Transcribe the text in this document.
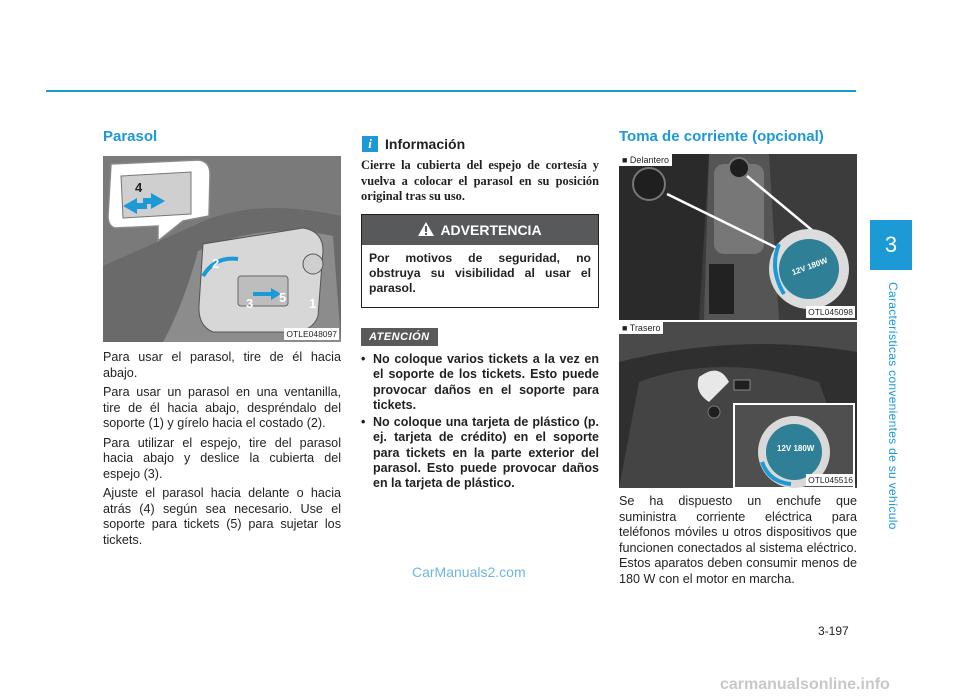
Parasol
4
2
3 5 1
OTLE048097

Para usar el parasol, tire de él hacia abajo.

Para usar un parasol en una ventanilla, tire de él hacia abajo, despréndalo del soporte (1) y gírelo hacia el costado (2).

Para utilizar el espejo, tire del parasol hacia abajo y deslice la cubierta del espejo (3).

Ajuste el parasol hacia delante o hacia atrás (4) según sea necesario. Use el soporte para tickets (5) para sujetar los tickets.

i Información

Cierre la cubierta del espejo de cortesía y vuelva a colocar el parasol en su posición original tras su uso.

ADVERTENCIA
Por motivos de seguridad, no obstruya su visibilidad al usar el parasol.
ATENCIÓN
• No coloque varios tickets a la vez en el soporte de los tickets. Esto puede provocar daños en el soporte para tickets.
• No coloque una tarjeta de plástico (p. ej. tarjeta de crédito) en el soporte para tickets en la parte exterior del parasol. Esto puede provocar daños en la tarjeta de plástico.
Toma de corriente (opcional)
■ Delantero
12V 180W
OTL045098
■ Trasero
12V 180W
OTL045516

Se ha dispuesto un enchufe que suministra corriente eléctrica para teléfonos móviles u otros dispositivos que funcionen conectados al sistema eléctrico. Estos aparatos deben consumir menos de 180 W con el motor en marcha.

3
Características convenientes de su vehículo
3-197
CarManuals2.com
carmanualsonline.info
